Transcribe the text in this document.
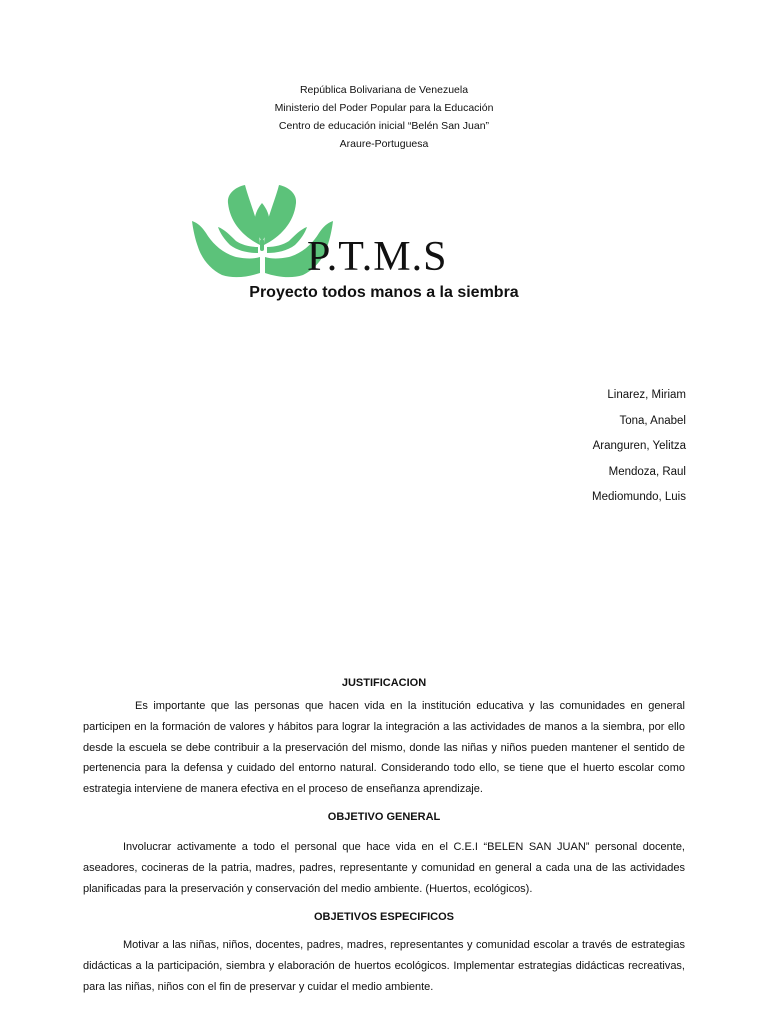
República Bolivariana de Venezuela
Ministerio del Poder Popular para la Educación
Centro de educación inicial “Belén San Juan”
Araure-Portuguesa
P.T.M.S
Proyecto todos manos a la siembra
Linarez, Miriam
Tona, Anabel
Aranguren, Yelitza
Mendoza, Raul
Mediomundo, Luis
JUSTIFICACION
Es importante que las personas que hacen vida en la institución educativa y las comunidades en general participen en la formación de valores y hábitos para lograr la integración a las actividades de manos a la siembra, por ello desde la escuela se debe contribuir a la preservación del mismo, donde las niñas y niños pueden mantener el sentido de pertenencia para la defensa y cuidado del entorno natural. Considerando todo ello, se tiene que el huerto escolar como estrategia interviene de manera efectiva en el proceso de enseñanza aprendizaje.
OBJETIVO GENERAL
Involucrar activamente a todo el personal que hace vida en el C.E.I “BELEN SAN JUAN” personal docente, aseadores, cocineras de la patria, madres, padres, representante y comunidad en general a cada una de las actividades planificadas para la preservación y conservación del medio ambiente. (Huertos, ecológicos).
OBJETIVOS ESPECIFICOS
Motivar a las niñas, niños, docentes, padres, madres, representantes y comunidad escolar a través de estrategias didácticas a la participación, siembra y elaboración de huertos ecológicos. Implementar estrategias didácticas recreativas, para las niñas, niños con el fin de preservar y cuidar el medio ambiente.
